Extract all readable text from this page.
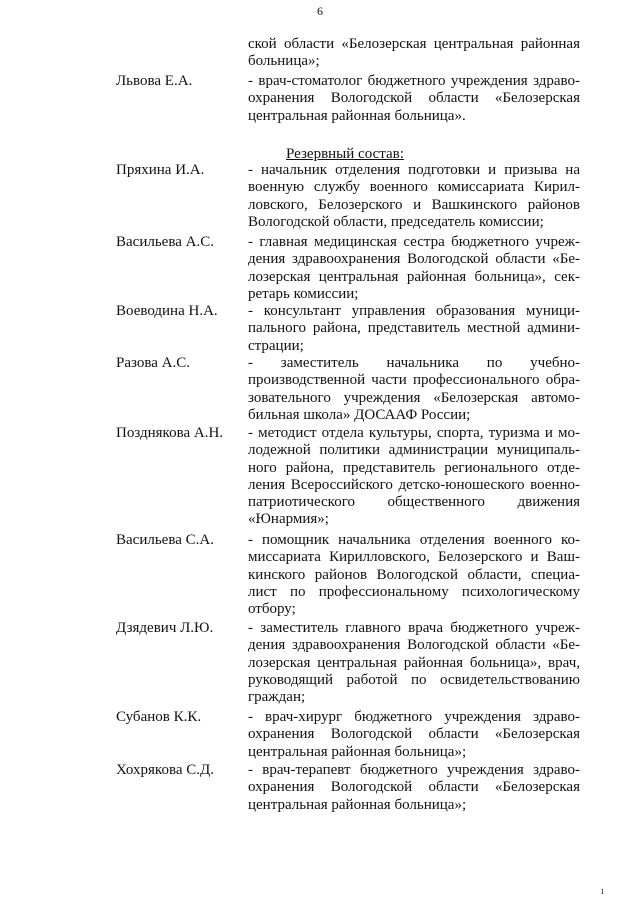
6
ской области «Белозерская центральная районная
больница»;
Львова Е.А.	- врач-стоматолог бюджетного учреждения здраво-
охранения Вологодской области «Белозерская
центральная районная больница».
Резервный состав:
Пряхина И.А.	- начальник отделения подготовки и призыва на
военную службу военного комиссариата Кирил-
ловского, Белозерского и Вашкинского районов
Вологодской области, председатель комиссии;
Васильева А.С. - главная медицинская сестра бюджетного учреж-
дения здравоохранения Вологодской области «Бе-
лозерская центральная районная больница», сек-
ретарь комиссии;
Воеводина Н.А. - консультант управления образования муници-
пального района, представитель местной админи-
страции;
Разова А.С.	- заместитель начальника по учебно-
производственной части профессионального обра-
зовательного учреждения «Белозерская автомо-
бильная школа» ДОСААФ России;
Позднякова А.Н. - методист отдела культуры, спорта, туризма и мо-
лодежной политики администрации муниципаль-
ного района, представитель регионального отде-
ления Всероссийского детско-юношеского военно-
патриотического общественного движения
«Юнармия»;
Васильева С.А. - помощник начальника отделения военного ко-
миссариата Кирилловского, Белозерского и Ваш-
кинского районов Вологодской области, специа-
лист по профессиональному психологическому
отбору;
Дзядевич Л.Ю. - заместитель главного врача бюджетного учреж-
дения здравоохранения Вологодской области «Бе-
лозерская центральная районная больница», врач,
руководящий работой по освидетельствованию
граждан;
Субанов К.К.	- врач-хирург бюджетного учреждения здраво-
охранения Вологодской области «Белозерская
центральная районная больница»;
Хохрякова С.Д. - врач-терапевт бюджетного учреждения здраво-
охранения Вологодской области «Белозерская
центральная районная больница»;
ı
